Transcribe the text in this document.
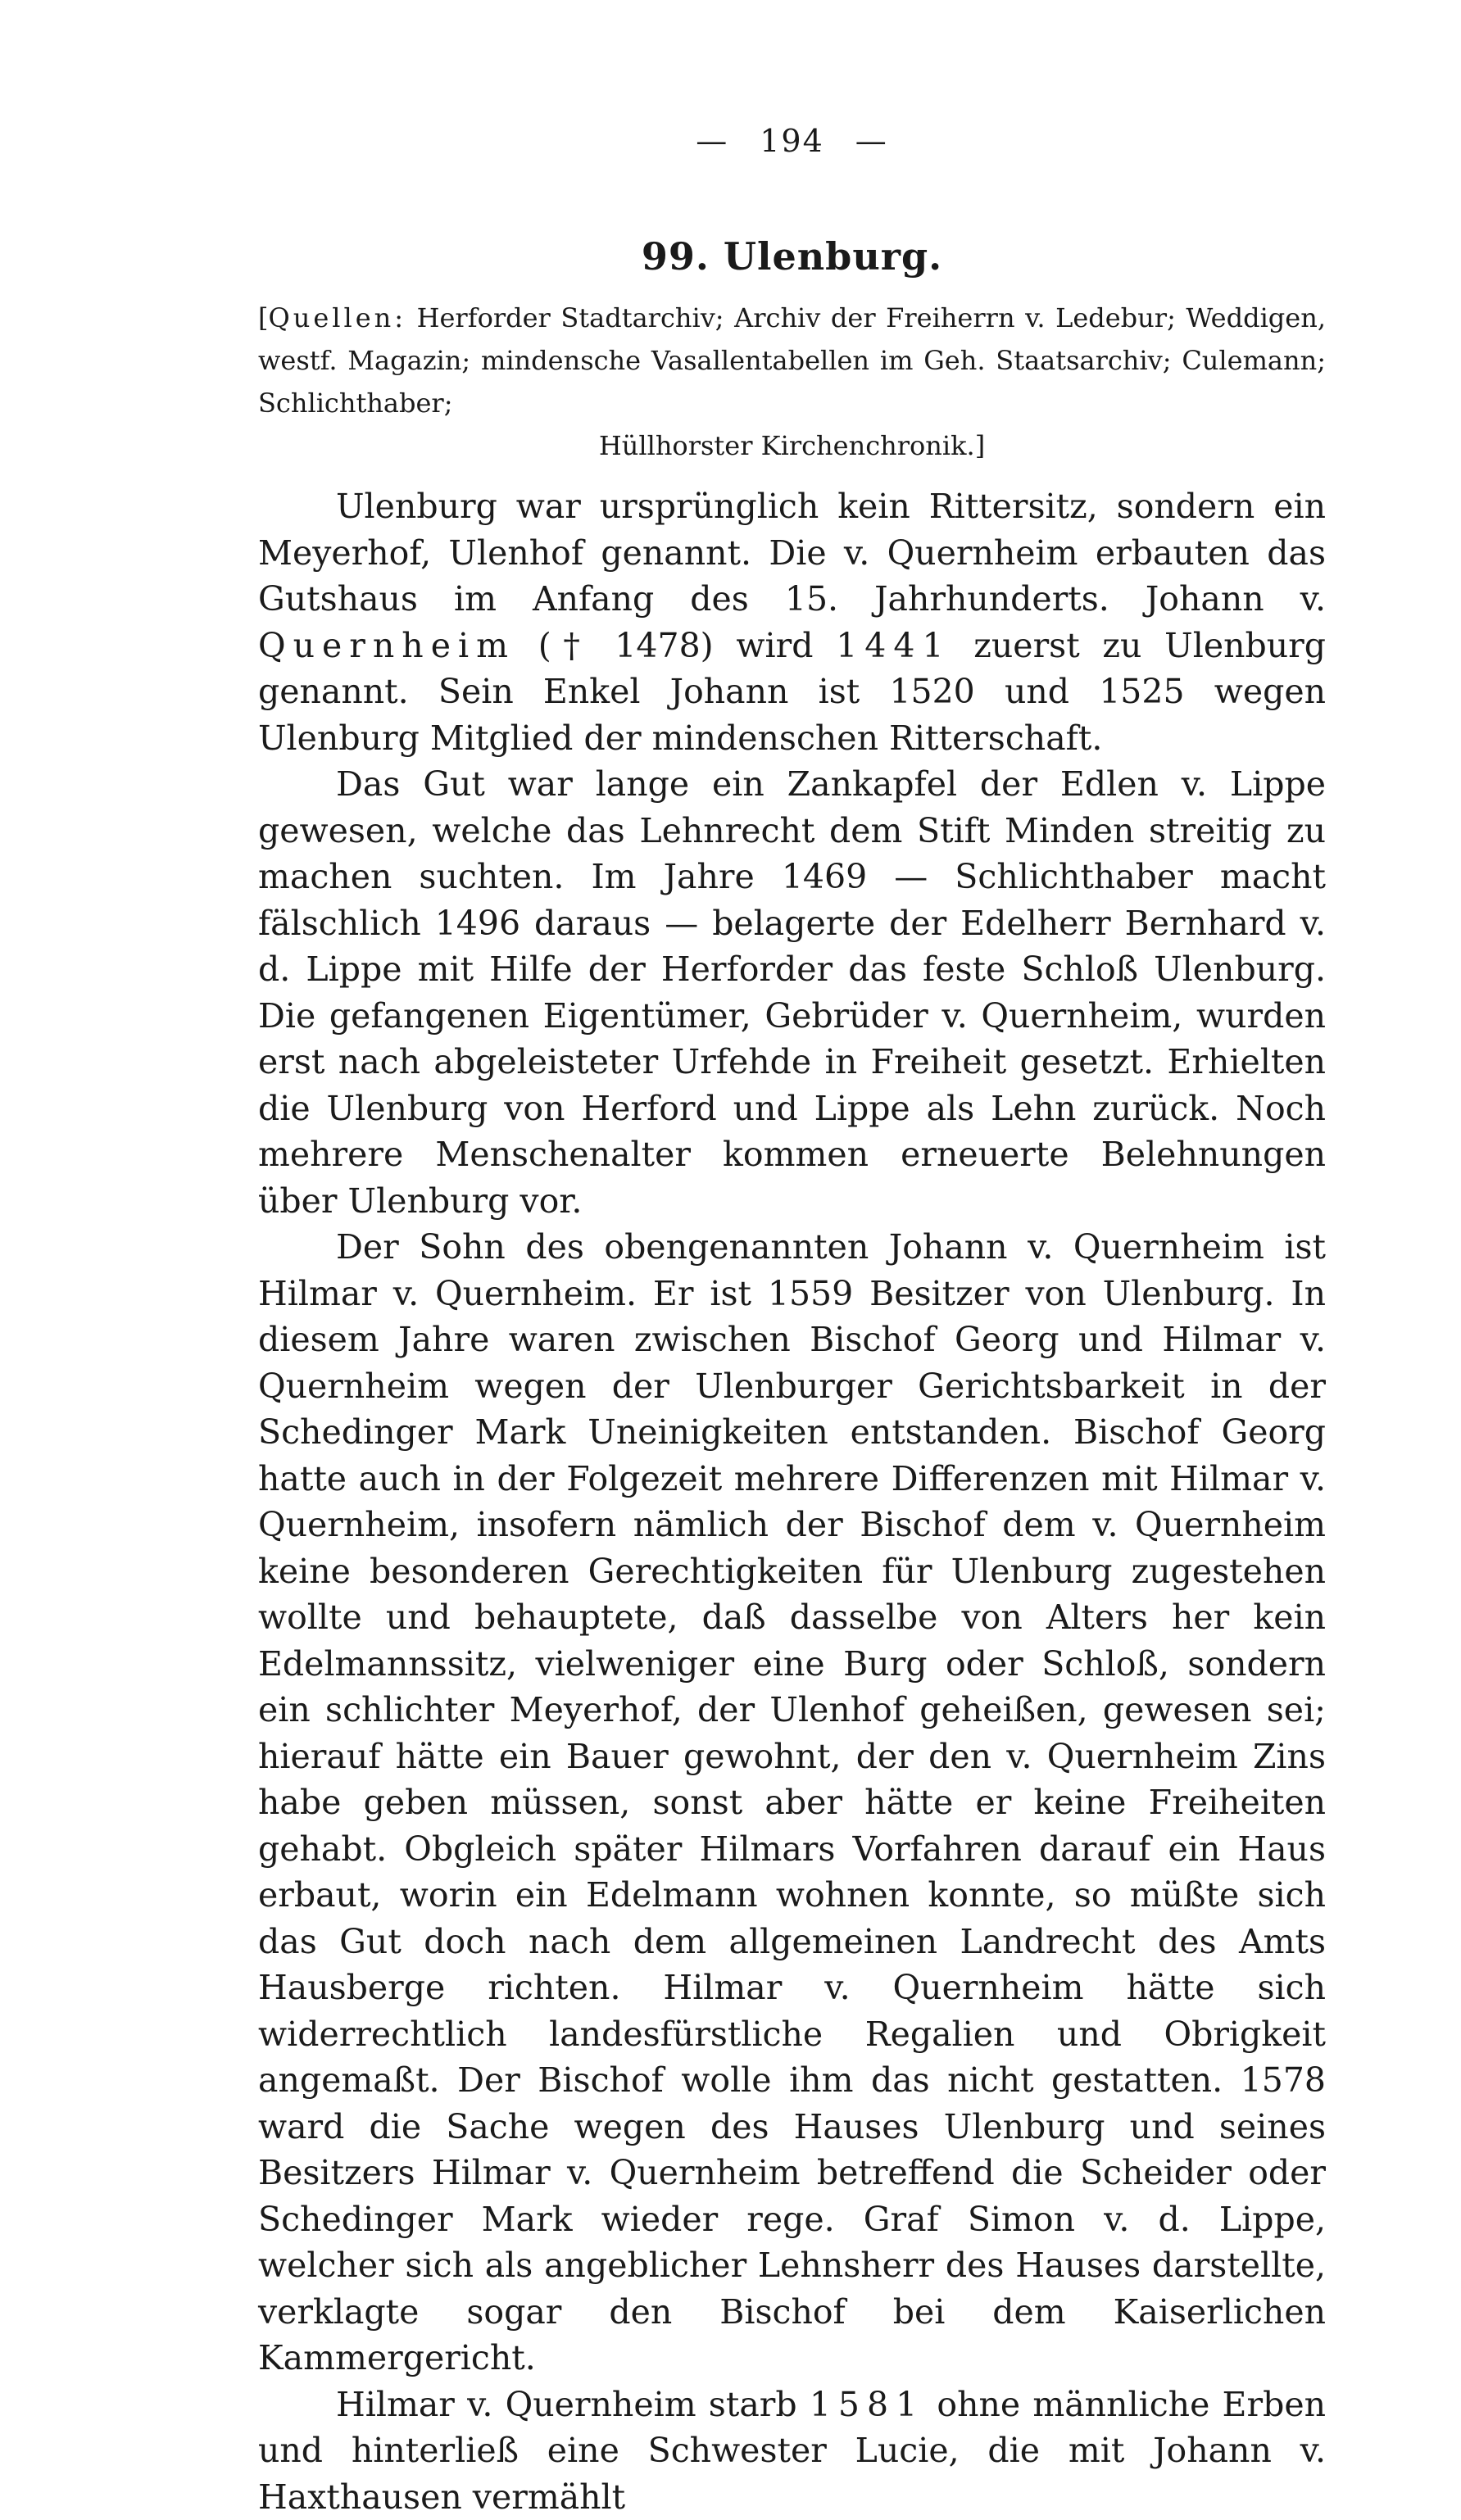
— 194 —
99. Ulenburg.
[Quellen: Herforder Stadtarchiv; Archiv der Freiherrn v. Ledebur; Weddigen, westf. Magazin; mindensche Vasallentabellen im Geh. Staatsarchiv; Culemann; Schlichthaber;
Hüllhorster Kirchenchronik.]

Ulenburg war ursprünglich kein Rittersitz, sondern ein Meyerhof, Ulenhof genannt. Die v. Quernheim erbauten das Gutshaus im Anfang des 15. Jahrhunderts. Johann v. Quernheim († 1478) wird 1441 zuerst zu Ulenburg genannt. Sein Enkel Johann ist 1520 und 1525 wegen Ulenburg Mitglied der mindenschen Ritterschaft.

Das Gut war lange ein Zankapfel der Edlen v. Lippe gewesen, welche das Lehnrecht dem Stift Minden streitig zu machen suchten. Im Jahre 1469 — Schlichthaber macht fälschlich 1496 daraus — belagerte der Edelherr Bernhard v. d. Lippe mit Hilfe der Herforder das feste Schloß Ulenburg. Die gefangenen Eigentümer, Gebrüder v. Quernheim, wurden erst nach abgeleisteter Urfehde in Freiheit gesetzt. Erhielten die Ulenburg von Herford und Lippe als Lehn zurück. Noch mehrere Menschenalter kommen erneuerte Belehnungen über Ulenburg vor.

Der Sohn des obengenannten Johann v. Quernheim ist Hilmar v. Quernheim. Er ist 1559 Besitzer von Ulenburg. In diesem Jahre waren zwischen Bischof Georg und Hilmar v. Quernheim wegen der Ulenburger Gerichtsbarkeit in der Schedinger Mark Uneinigkeiten entstanden. Bischof Georg hatte auch in der Folgezeit mehrere Differenzen mit Hilmar v. Quernheim, insofern nämlich der Bischof dem v. Quernheim keine besonderen Gerechtigkeiten für Ulenburg zugestehen wollte und behauptete, daß dasselbe von Alters her kein Edelmannssitz, vielweniger eine Burg oder Schloß, sondern ein schlichter Meyerhof, der Ulenhof geheißen, gewesen sei; hierauf hätte ein Bauer gewohnt, der den v. Quernheim Zins habe geben müssen, sonst aber hätte er keine Freiheiten gehabt. Obgleich später Hilmars Vorfahren darauf ein Haus erbaut, worin ein Edelmann wohnen konnte, so müßte sich das Gut doch nach dem allgemeinen Landrecht des Amts Hausberge richten. Hilmar v. Quernheim hätte sich widerrechtlich landesfürstliche Regalien und Obrigkeit angemaßt. Der Bischof wolle ihm das nicht gestatten. 1578 ward die Sache wegen des Hauses Ulenburg und seines Besitzers Hilmar v. Quernheim betreffend die Scheider oder Schedinger Mark wieder rege. Graf Simon v. d. Lippe, welcher sich als angeblicher Lehnsherr des Hauses darstellte, verklagte sogar den Bischof bei dem Kaiserlichen Kammergericht.

Hilmar v. Quernheim starb 1581 ohne männliche Erben und hinterließ eine Schwester Lucie, die mit Johann v. Haxthausen vermählt
